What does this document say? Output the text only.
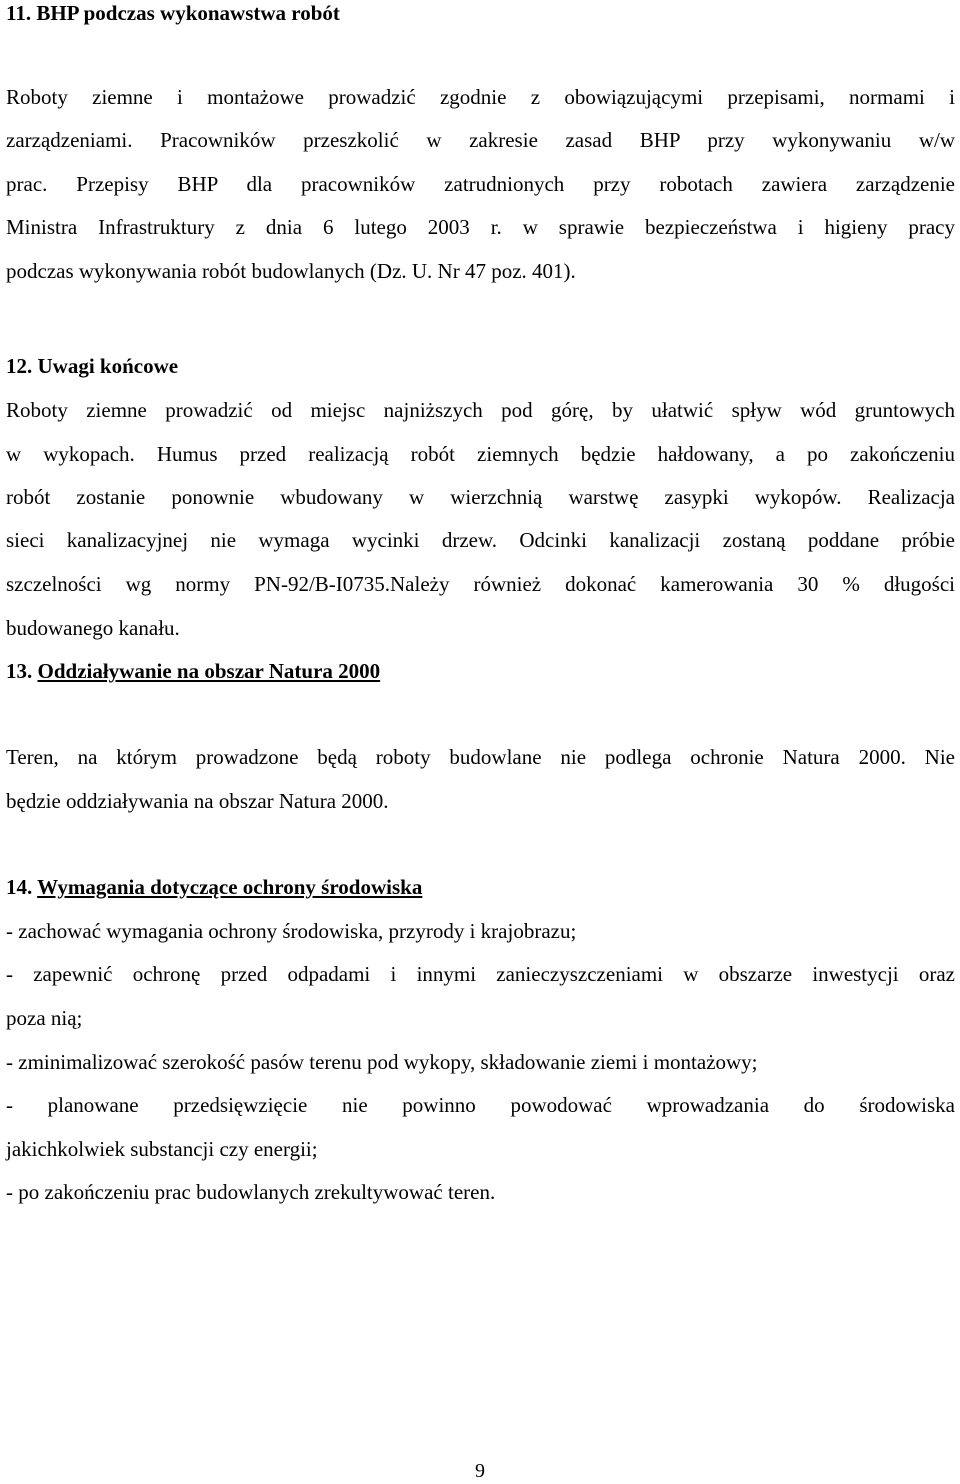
11. BHP podczas wykonawstwa robót
Roboty ziemne i montażowe prowadzić zgodnie z obowiązującymi przepisami, normami i
zarządzeniami. Pracowników przeszkolić w zakresie zasad BHP przy wykonywaniu w/w
prac. Przepisy BHP dla pracowników zatrudnionych przy robotach zawiera zarządzenie
Ministra Infrastruktury z dnia 6 lutego 2003 r. w sprawie bezpieczeństwa i higieny pracy
podczas wykonywania robót budowlanych (Dz. U. Nr 47 poz. 401).
12. Uwagi końcowe
Roboty ziemne prowadzić od miejsc najniższych pod górę, by ułatwić spływ wód gruntowych
w wykopach. Humus przed realizacją robót ziemnych będzie hałdowany, a po zakończeniu
robót zostanie ponownie wbudowany w wierzchnią warstwę zasypki wykopów. Realizacja
sieci kanalizacyjnej nie wymaga wycinki drzew. Odcinki kanalizacji zostaną poddane próbie
szczelności wg normy PN-92/B-I0735.Należy również dokonać kamerowania 30 % długości
budowanego kanału.
13. Oddziaływanie na obszar Natura 2000
Teren, na którym prowadzone będą roboty budowlane nie podlega ochronie Natura 2000. Nie
będzie oddziaływania na obszar Natura 2000.
14. Wymagania dotyczące ochrony środowiska
- zachować wymagania ochrony środowiska, przyrody i krajobrazu;
- zapewnić ochronę przed odpadami i innymi zanieczyszczeniami w obszarze inwestycji oraz
poza nią;
- zminimalizować szerokość pasów terenu pod wykopy, składowanie ziemi i montażowy;
- planowane przedsięwzięcie nie powinno powodować wprowadzania do środowiska
jakichkolwiek substancji czy energii;
- po zakończeniu prac budowlanych zrekultywować teren.
9
